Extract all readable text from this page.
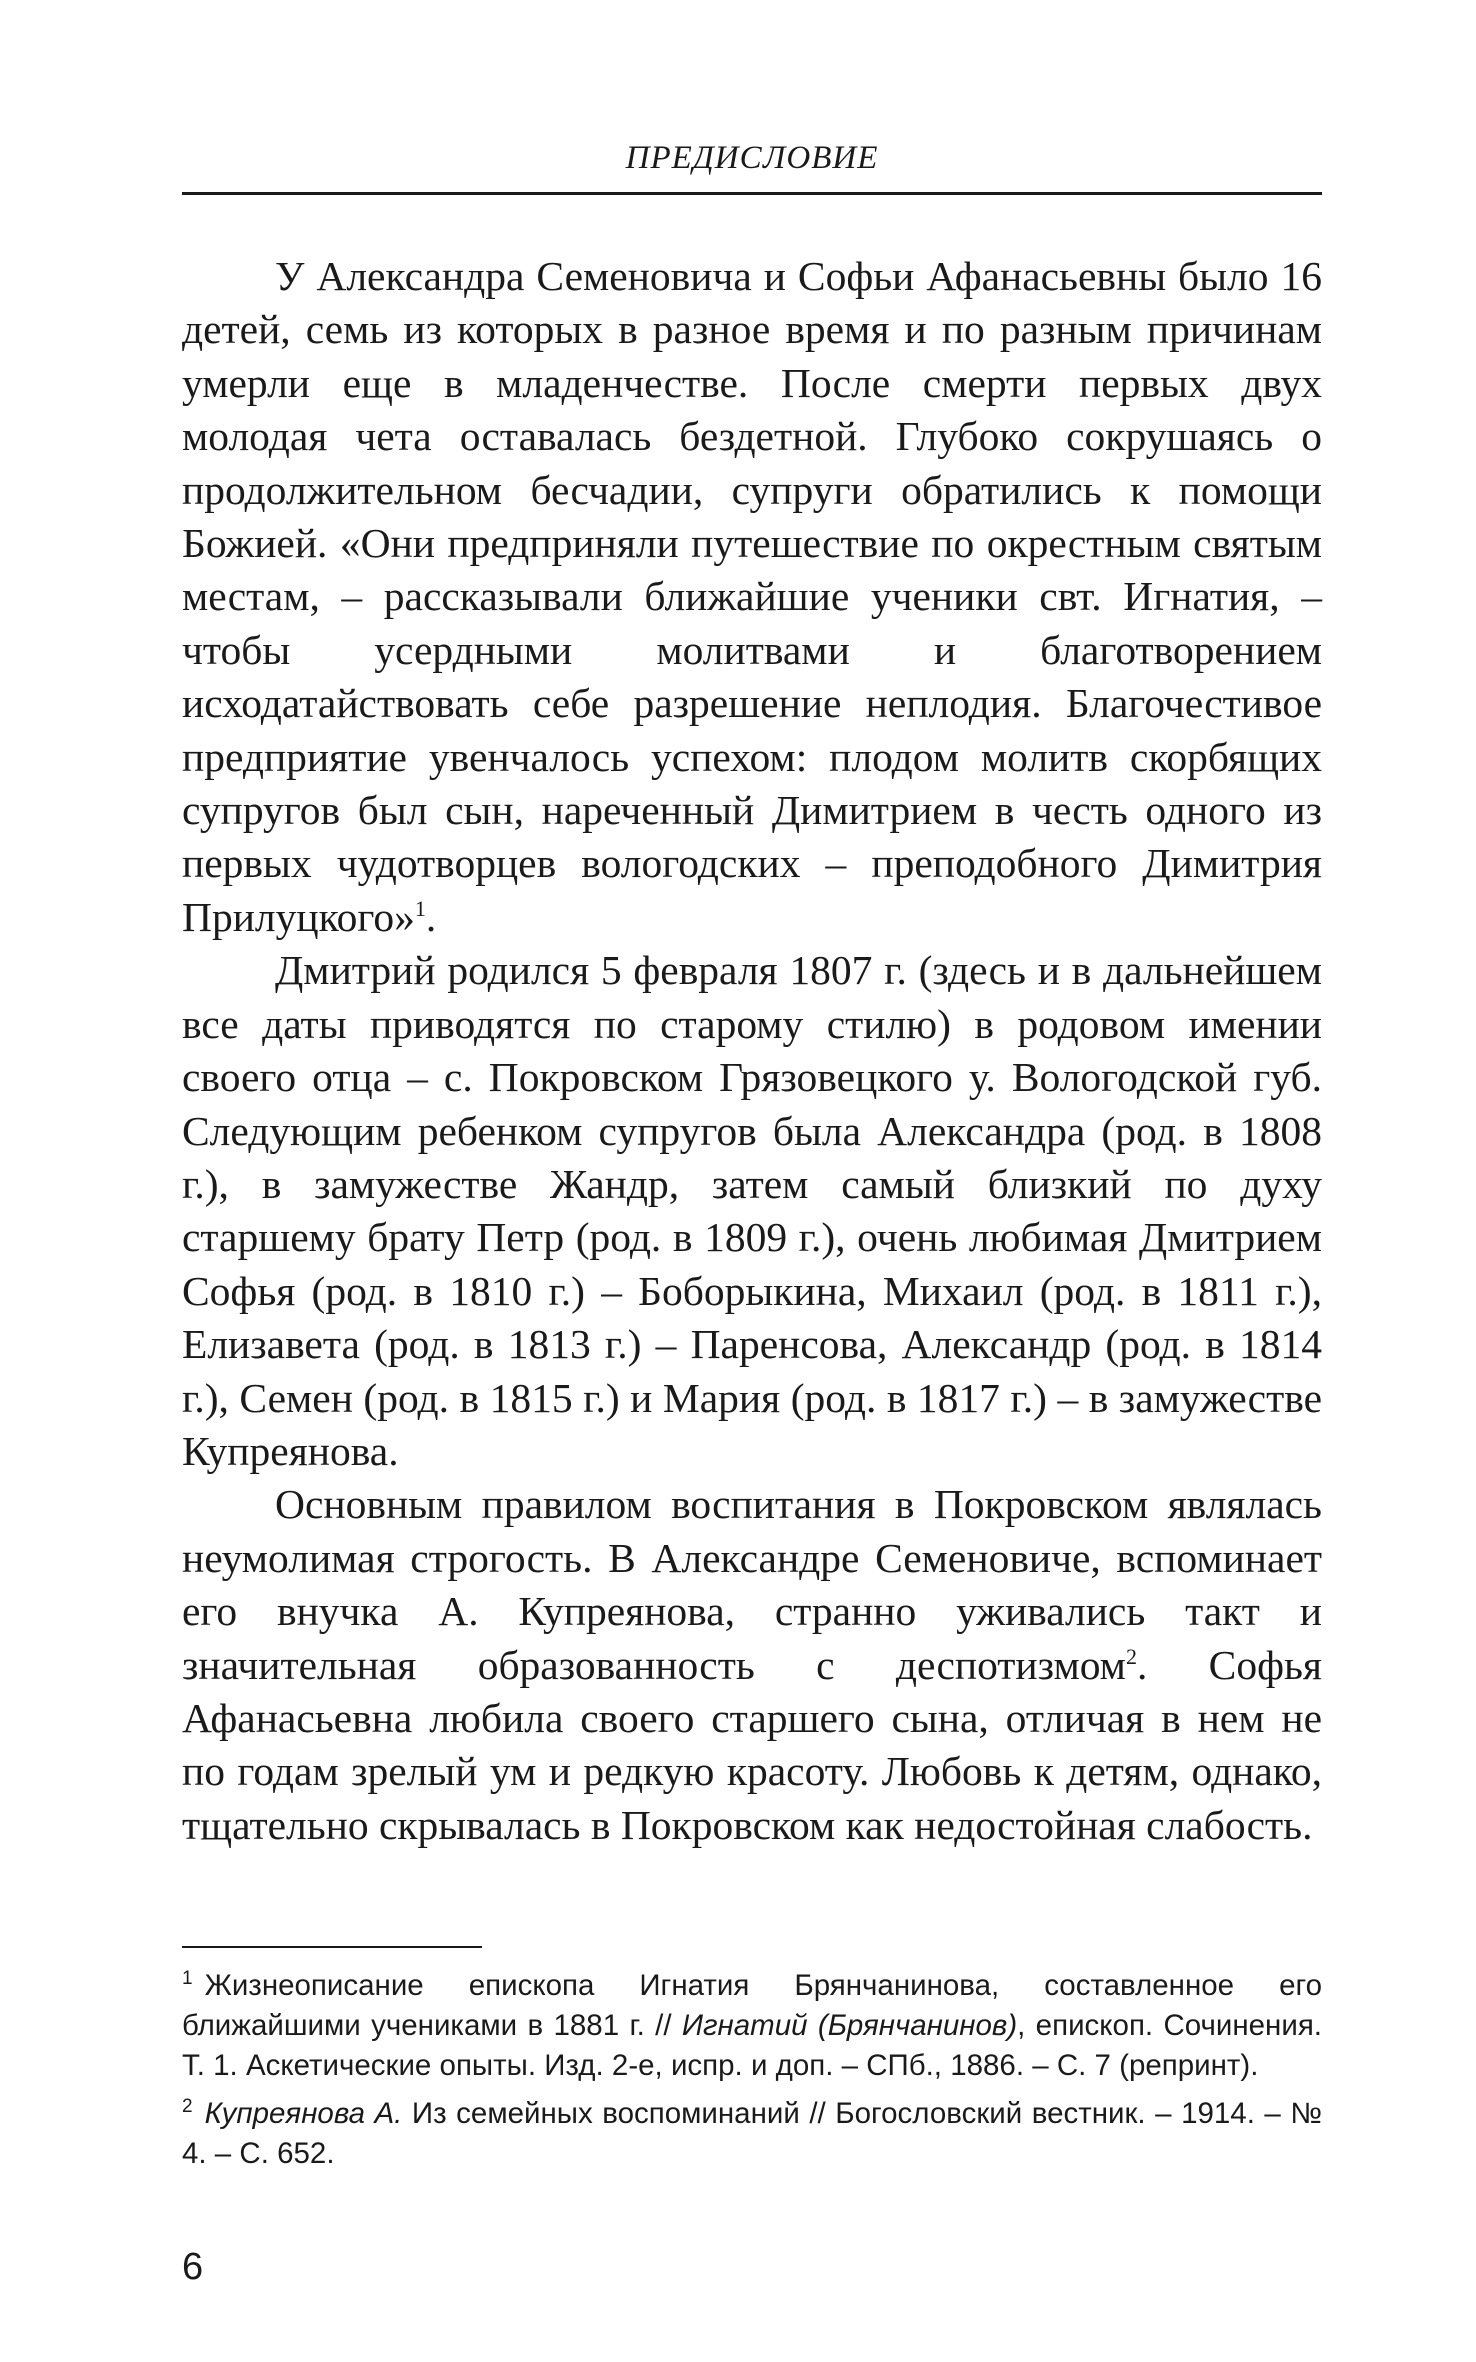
ПРЕДИСЛОВИЕ

У Александра Семеновича и Софьи Афанасьевны было 16 детей, семь из которых в разное время и по разным причинам умерли еще в младенчестве. После смерти первых двух молодая чета оставалась бездетной. Глубоко сокрушаясь о продолжительном бесчадии, супруги обратились к помощи Божией. «Они предприняли путешествие по окрестным святым местам, – рассказывали ближайшие ученики свт. Игнатия, – чтобы усердными молитвами и благотворением исходатайствовать себе разрешение неплодия. Благочестивое предприятие увенчалось успехом: плодом молитв скорбящих супругов был сын, нареченный Димитрием в честь одного из первых чудотворцев вологодских – преподобного Димитрия Прилуцкого»$^1$.

Дмитрий родился 5 февраля 1807 г. (здесь и в дальнейшем все даты приводятся по старому стилю) в родовом имении своего отца – с. Покровском Грязовецкого у. Вологодской губ. Следующим ребенком супругов была Александра (род. в 1808 г.), в замужестве Жандр, затем самый близкий по духу старшему брату Петр (род. в 1809 г.), очень любимая Дмитрием Софья (род. в 1810 г.) – Боборыкина, Михаил (род. в 1811 г.), Елизавета (род. в 1813 г.) – Паренсова, Александр (род. в 1814 г.), Семен (род. в 1815 г.) и Мария (род. в 1817 г.) – в замужестве Купреянова.

Основным правилом воспитания в Покровском являлась неумолимая строгость. В Александре Семеновиче, вспоминает его внучка А. Купреянова, странно уживались такт и значительная образованность с деспотизмом$^2$. Софья Афанасьевна любила своего старшего сына, отличая в нем не по годам зрелый ум и редкую красоту. Любовь к детям, однако, тщательно скрывалась в Покровском как недостойная слабость.

$^1$ Жизнеописание епископа Игнатия Брянчанинова, составленное его ближайшими учениками в 1881 г. // Игнатий (Брянчанинов), епископ. Сочинения. Т. 1. Аскетические опыты. Изд. 2-е, испр. и доп. – СПб., 1886. – С. 7 (репринт).

$^2$ Купреянова А. Из семейных воспоминаний // Богословский вестник. – 1914. – № 4. – С. 652.

6
